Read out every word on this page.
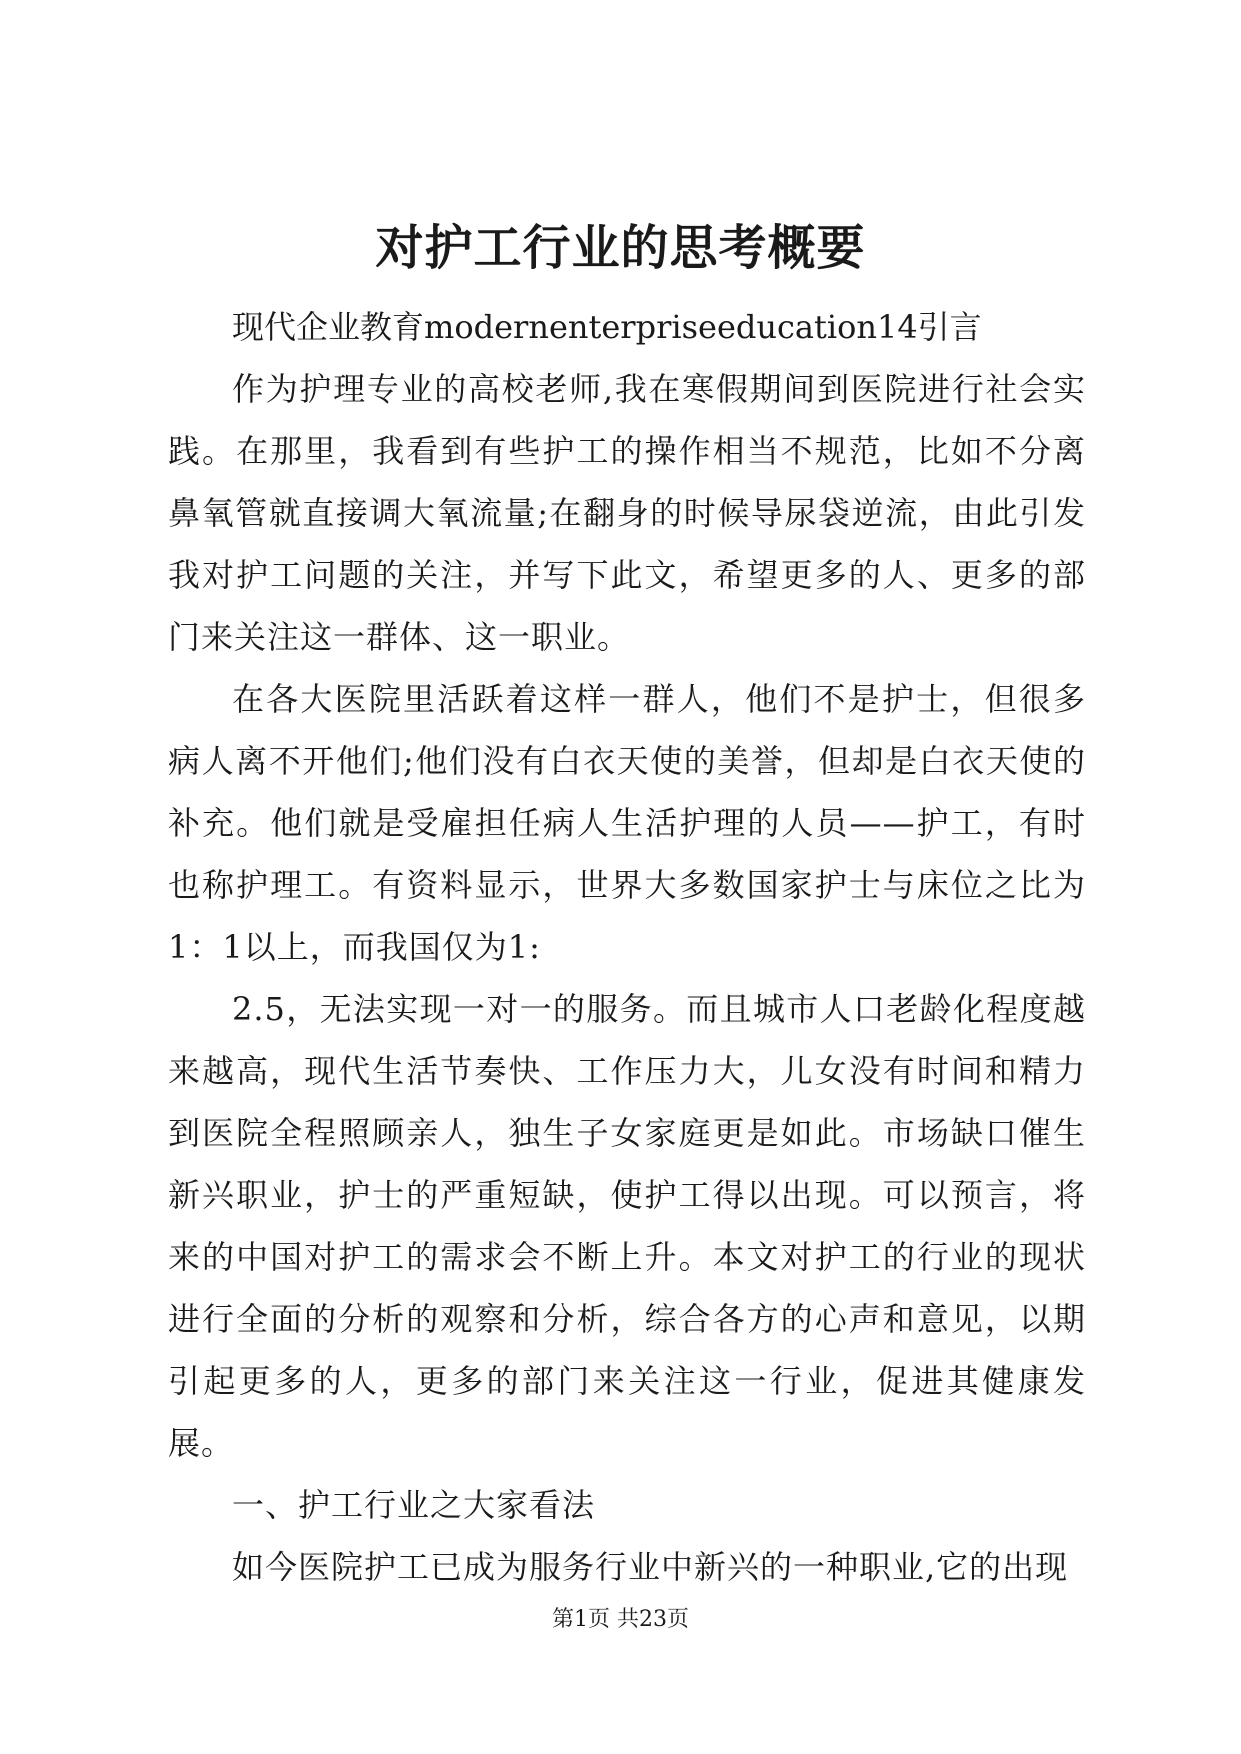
对护工行业的思考概要

现代企业教育modernenterpriseeducation14引言

作为护理专业的高校老师,我在寒假期间到医院进行社会实践。在那里，我看到有些护工的操作相当不规范，比如不分离鼻氧管就直接调大氧流量;在翻身的时候导尿袋逆流，由此引发我对护工问题的关注，并写下此文，希望更多的人、更多的部门来关注这一群体、这一职业。

在各大医院里活跃着这样一群人，他们不是护士，但很多病人离不开他们;他们没有白衣天使的美誉，但却是白衣天使的补充。他们就是受雇担任病人生活护理的人员——护工，有时也称护理工。有资料显示，世界大多数国家护士与床位之比为1：1以上，而我国仅为1:

2.5，无法实现一对一的服务。而且城市人口老龄化程度越来越高，现代生活节奏快、工作压力大，儿女没有时间和精力到医院全程照顾亲人，独生子女家庭更是如此。市场缺口催生新兴职业，护士的严重短缺，使护工得以出现。可以预言，将来的中国对护工的需求会不断上升。本文对护工的行业的现状进行全面的分析的观察和分析，综合各方的心声和意见，以期引起更多的人，更多的部门来关注这一行业，促进其健康发展。

一、护工行业之大家看法

如今医院护工已成为服务行业中新兴的一种职业,它的出现

第1页 共23页
